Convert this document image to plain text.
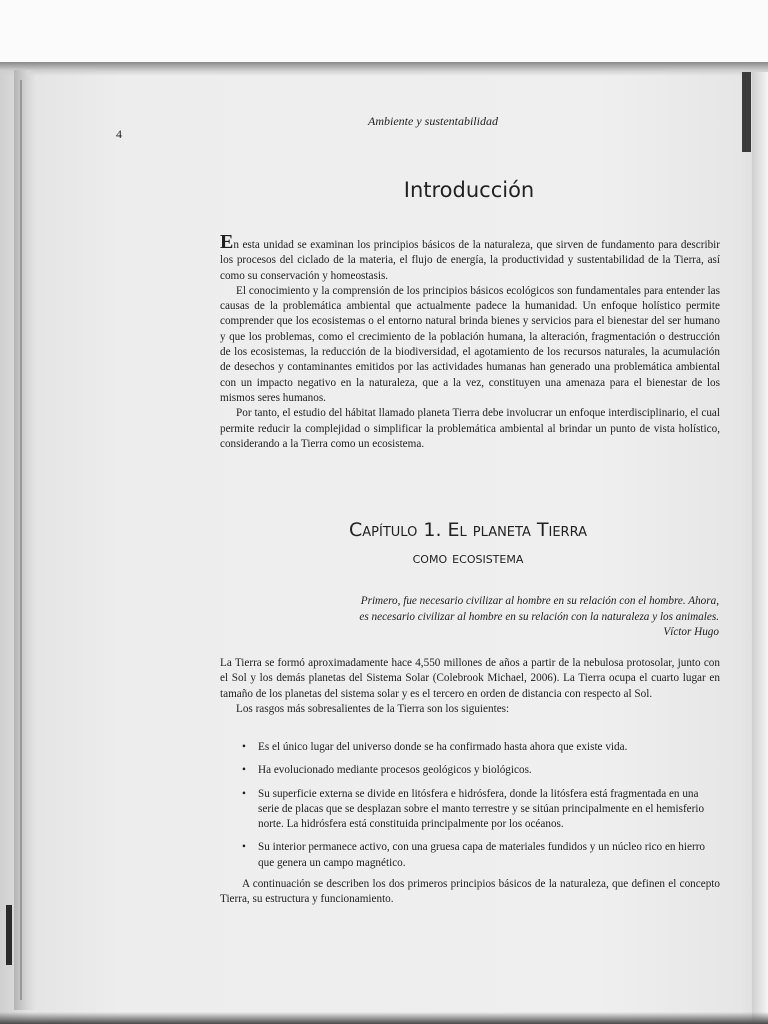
4
Ambiente y sustentabilidad
Introducción

En esta unidad se examinan los principios básicos de la naturaleza, que sirven de fundamento para describir los procesos del ciclado de la materia, el flujo de energía, la productividad y sustentabilidad de la Tierra, así como su conservación y homeostasis.

El conocimiento y la comprensión de los principios básicos ecológicos son fundamentales para entender las causas de la problemática ambiental que actualmente padece la humanidad. Un enfoque holístico permite comprender que los ecosistemas o el entorno natural brinda bienes y servicios para el bienestar del ser humano y que los problemas, como el crecimiento de la población humana, la alteración, fragmentación o destrucción de los ecosistemas, la reducción de la biodiversidad, el agotamiento de los recursos naturales, la acumulación de desechos y contaminantes emitidos por las actividades humanas han generado una problemática ambiental con un impacto negativo en la naturaleza, que a la vez, constituyen una amenaza para el bienestar de los mismos seres humanos.

Por tanto, el estudio del hábitat llamado planeta Tierra debe involucrar un enfoque interdisciplinario, el cual permite reducir la complejidad o simplificar la problemática ambiental al brindar un punto de vista holístico, considerando a la Tierra como un ecosistema.

Capítulo 1. El planeta Tierra
como ecosistema
Primero, fue necesario civilizar al hombre en su relación con el hombre. Ahora,
es necesario civilizar al hombre en su relación con la naturaleza y los animales.
Víctor Hugo

La Tierra se formó aproximadamente hace 4,550 millones de años a partir de la nebulosa protosolar, junto con el Sol y los demás planetas del Sistema Solar (Colebrook Michael, 2006). La Tierra ocupa el cuarto lugar en tamaño de los planetas del sistema solar y es el tercero en orden de distancia con respecto al Sol.

Los rasgos más sobresalientes de la Tierra son los siguientes:

• Es el único lugar del universo donde se ha confirmado hasta ahora que existe vida.
• Ha evolucionado mediante procesos geológicos y biológicos.
• Su superficie externa se divide en litósfera e hidrósfera, donde la litósfera está fragmentada en una serie de placas que se desplazan sobre el manto terrestre y se sitúan principalmente en el hemisferio norte. La hidrósfera está constituida principalmente por los océanos.
• Su interior permanece activo, con una gruesa capa de materiales fundidos y un núcleo rico en hierro que genera un campo magnético.
A continuación se describen los dos primeros principios básicos de la naturaleza, que definen el concepto Tierra, su estructura y funcionamiento.
